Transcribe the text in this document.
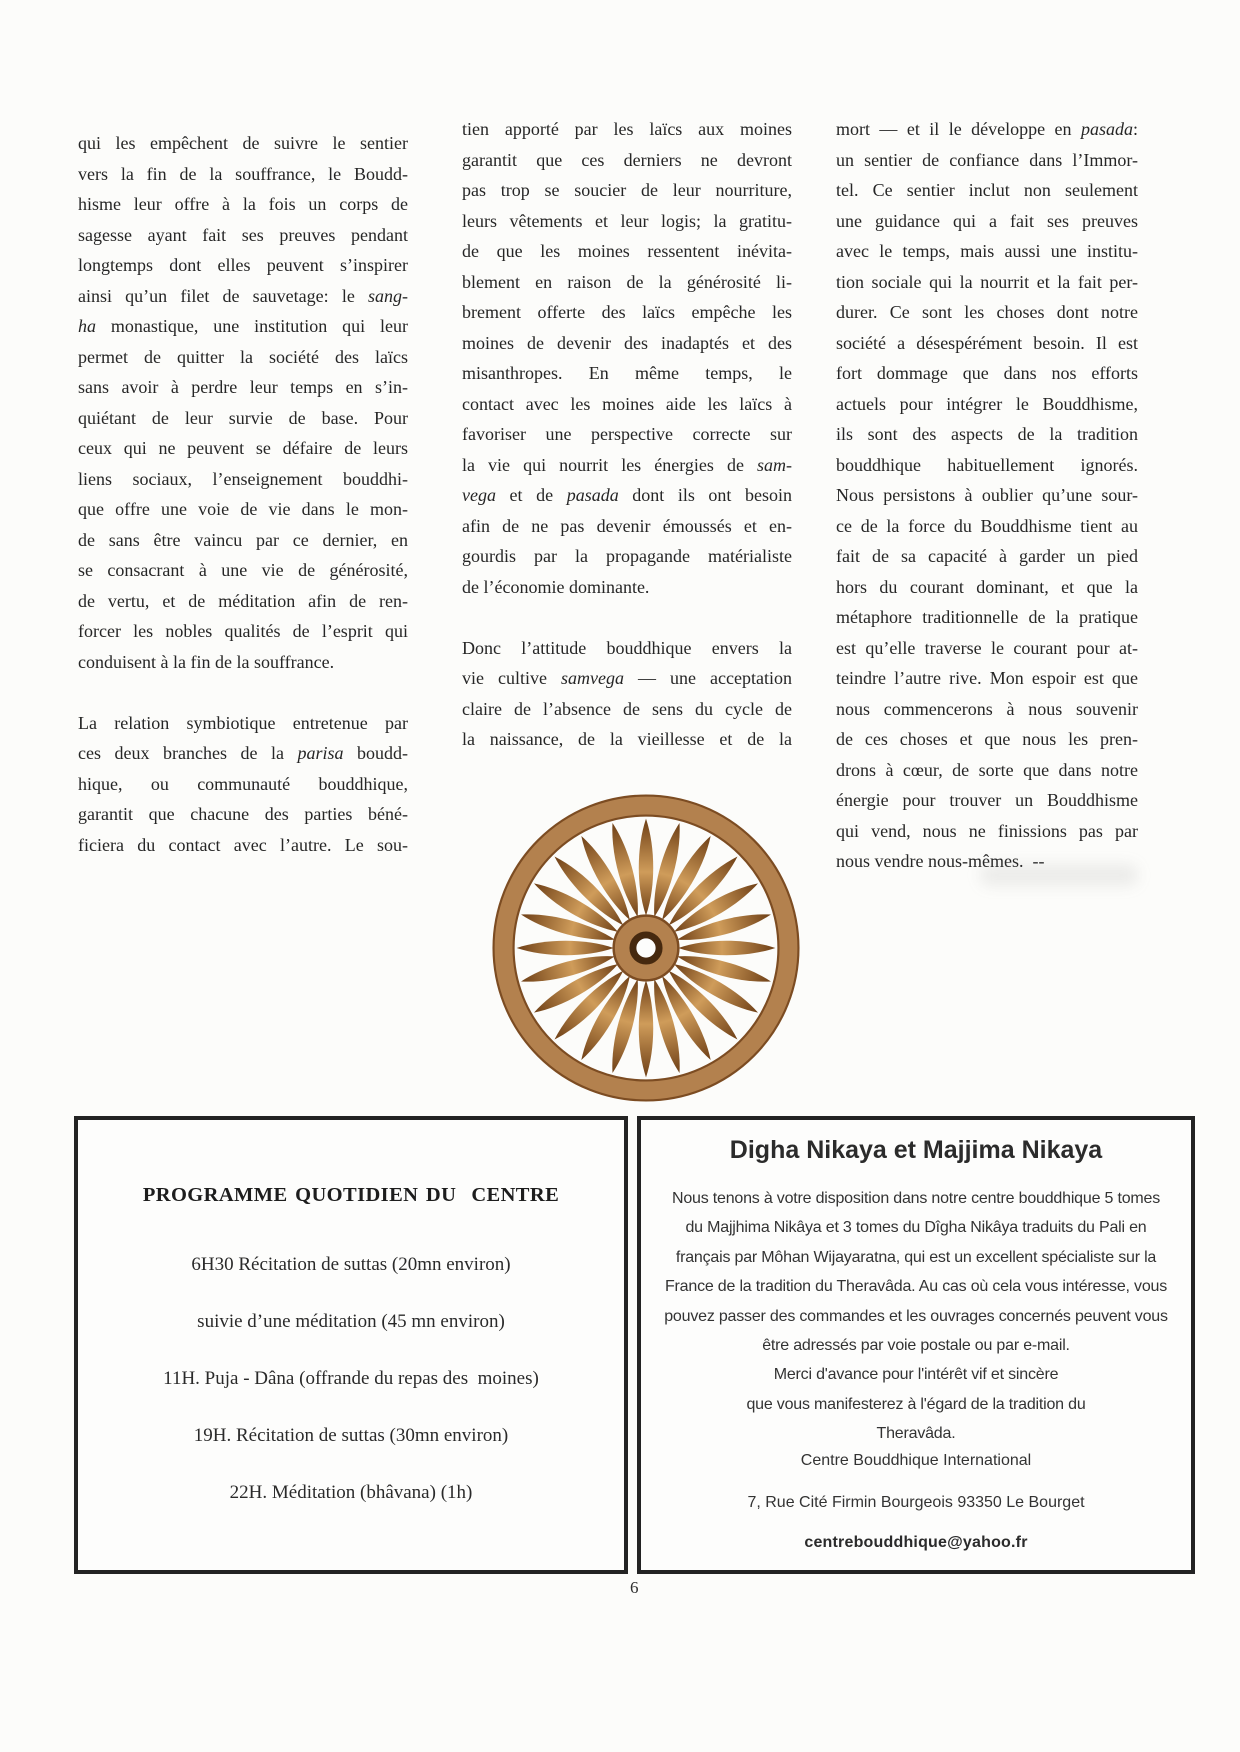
qui les empêchent de suivre le sentier
vers la fin de la souffrance, le Boudd-
hisme leur offre à la fois un corps de
sagesse ayant fait ses preuves pendant
longtemps dont elles peuvent s’inspirer
ainsi qu’un filet de sauvetage: le sang-
ha monastique, une institution qui leur
permet de quitter la société des laïcs
sans avoir à perdre leur temps en s’in-
quiétant de leur survie de base. Pour
ceux qui ne peuvent se défaire de leurs
liens sociaux, l’enseignement bouddhi-
que offre une voie de vie dans le mon-
de sans être vaincu par ce dernier, en
se consacrant à une vie de générosité,
de vertu, et de méditation afin de ren-
forcer les nobles qualités de l’esprit qui
conduisent à la fin de la souffrance.
La relation symbiotique entretenue par
ces deux branches de la parisa boudd-
hique, ou communauté bouddhique,
garantit que chacune des parties béné-
ficiera du contact avec l’autre. Le sou-
tien apporté par les laïcs aux moines
garantit que ces derniers ne devront
pas trop se soucier de leur nourriture,
leurs vêtements et leur logis; la gratitu-
de que les moines ressentent inévita-
blement en raison de la générosité li-
brement offerte des laïcs empêche les
moines de devenir des inadaptés et des
misanthropes. En même temps, le
contact avec les moines aide les laïcs à
favoriser une perspective correcte sur
la vie qui nourrit les énergies de sam-
vega et de pasada dont ils ont besoin
afin de ne pas devenir émoussés et en-
gourdis par la propagande matérialiste
de l’économie dominante.
Donc l’attitude bouddhique envers la
vie cultive samvega — une acceptation
claire de l’absence de sens du cycle de
la naissance, de la vieillesse et de la
mort — et il le développe en pasada:
un sentier de confiance dans l’Immor-
tel. Ce sentier inclut non seulement
une guidance qui a fait ses preuves
avec le temps, mais aussi une institu-
tion sociale qui la nourrit et la fait per-
durer. Ce sont les choses dont notre
société a désespérément besoin. Il est
fort dommage que dans nos efforts
actuels pour intégrer le Bouddhisme,
ils sont des aspects de la tradition
bouddhique habituellement ignorés.
Nous persistons à oublier qu’une sour-
ce de la force du Bouddhisme tient au
fait de sa capacité à garder un pied
hors du courant dominant, et que la
métaphore traditionnelle de la pratique
est qu’elle traverse le courant pour at-
teindre l’autre rive. Mon espoir est que
nous commencerons à nous souvenir
de ces choses et que nous les pren-
drons à cœur, de sorte que dans notre
énergie pour trouver un Bouddhisme
qui vend, nous ne finissions pas par
nous vendre nous-mêmes.  --
PROGRAMME QUOTIDIEN DU  CENTRE
6H30 Récitation de suttas (20mn environ)
suivie d’une méditation (45 mn environ)
11H. Puja - Dâna (offrande du repas des  moines)
19H. Récitation de suttas (30mn environ)
22H. Méditation (bhâvana) (1h)
Digha Nikaya et Majjima Nikaya
Nous tenons à votre disposition dans notre centre bouddhique 5 tomes
du Majjhima Nikâya et 3 tomes du Dîgha Nikâya traduits du Pali en
français par Môhan Wijayaratna, qui est un excellent spécialiste sur la
France de la tradition du Theravâda. Au cas où cela vous intéresse, vous
pouvez passer des commandes et les ouvrages concernés peuvent vous
être adressés par voie postale ou par e-mail.
Merci d'avance pour l'intérêt vif et sincère
que vous manifesterez à l'égard de la tradition du
Theravâda.
Centre Bouddhique International
7, Rue Cité Firmin Bourgeois 93350 Le Bourget
centrebouddhique@yahoo.fr
6
